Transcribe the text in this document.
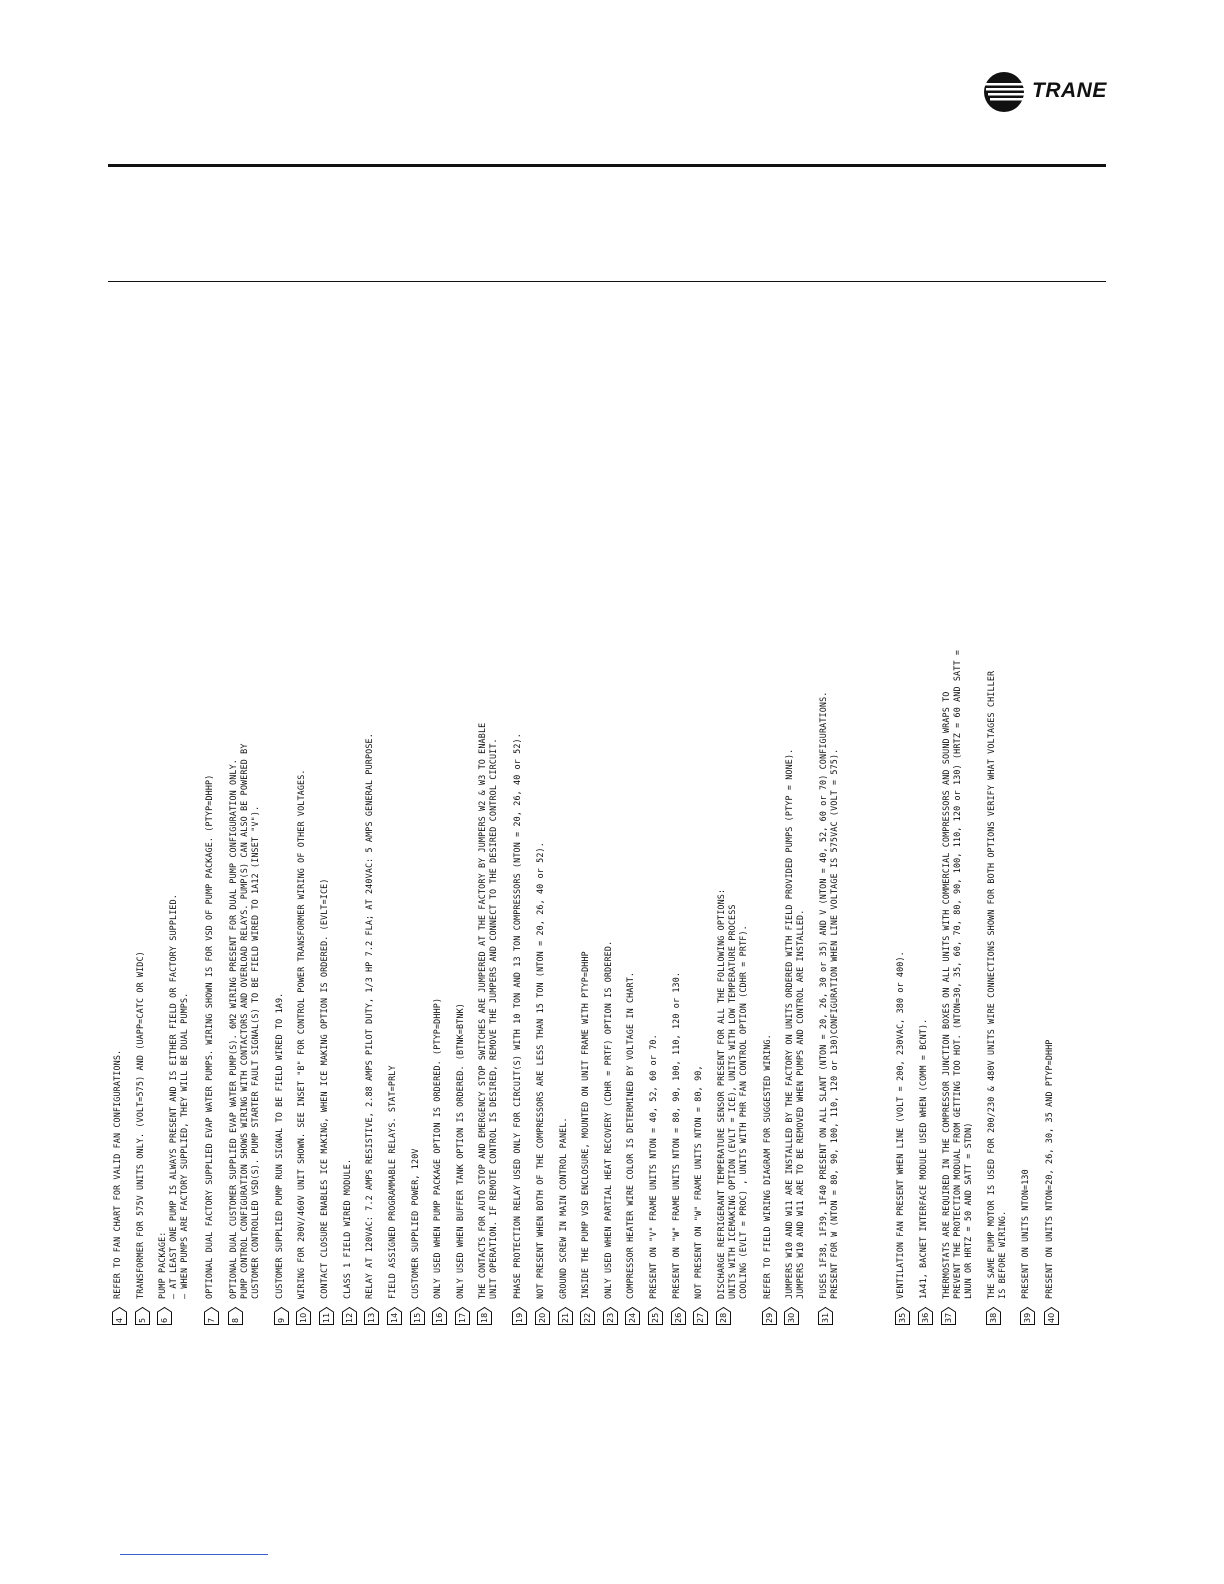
TRANE
4
REFER TO FAN CHART FOR VALID FAN CONFIGURATIONS.
5
TRANSFORMER FOR 575V UNITS ONLY. (VOLT=575) AND (UAPP=CATC OR WIDC)
6
PUMP PACKAGE: – AT LEAST ONE PUMP IS ALWAYS PRESENT AND IS EITHER FIELD OR FACTORY SUPPLIED. – WHEN PUMPS ARE FACTORY SUPPLIED, THEY WILL BE DUAL PUMPS.
7
OPTIONAL DUAL FACTORY SUPPLIED EVAP WATER PUMPS. WIRING SHOWN IS FOR VSD OF PUMP PACKAGE. (PTYP=DHHP)
8
OPTIONAL DUAL CUSTOMER SUPPLIED EVAP WATER PUMP(S). 6M2 WIRING PRESENT FOR DUAL PUMP CONFIGURATION ONLY. PUMP CONTROL CONFIGURATION SHOWS WIRING WITH CONTACTORS AND OVERLOAD RELAYS. PUMP(S) CAN ALSO BE POWERED BY CUSTOMER CONTROLLED VSD(S). PUMP STARTER FAULT SIGNAL(S) TO BE FIELD WIRED TO 1A12 (INSET "V").
9
CUSTOMER SUPPLIED PUMP RUN SIGNAL TO BE FIELD WIRED TO 1A9.
10
WIRING FOR 200V/460V UNIT SHOWN. SEE INSET "B" FOR CONTROL POWER TRANSFORMER WIRING OF OTHER VOLTAGES.
11
CONTACT CLOSURE ENABLES ICE MAKING, WHEN ICE MAKING OPTION IS ORDERED. (EVLT=ICE)
12
CLASS 1 FIELD WIRED MODULE.
13
RELAY AT 120VAC: 7.2 AMPS RESISTIVE, 2.88 AMPS PILOT DUTY, 1/3 HP 7.2 FLA; AT 240VAC: 5 AMPS GENERAL PURPOSE.
14
FIELD ASSIGNED PROGRAMMABLE RELAYS. STAT=PRLY
15
CUSTOMER SUPPLIED POWER, 120V
16
ONLY USED WHEN PUMP PACKAGE OPTION IS ORDERED. (PTYP=DHHP)
17
ONLY USED WHEN BUFFER TANK OPTION IS ORDERED. (BTNK=BTNK)
18
THE CONTACTS FOR AUTO STOP AND EMERGENCY STOP SWITCHES ARE JUMPERED AT THE FACTORY BY JUMPERS W2 & W3 TO ENABLE UNIT OPERATION. IF REMOTE CONTROL IS DESIRED, REMOVE THE JUMPERS AND CONNECT TO THE DESIRED CONTROL CIRCUIT.
19
PHASE PROTECTION RELAY USED ONLY FOR CIRCUIT(S) WITH 10 TON AND 13 TON COMPRESSORS (NTON = 20, 26, 40 or 52).
20
NOT PRESENT WHEN BOTH OF THE COMPRESSORS ARE LESS THAN 15 TON (NTON = 20, 26, 40 or 52).
21
GROUND SCREW IN MAIN CONTROL PANEL.
22
INSIDE THE PUMP VSD ENCLOSURE, MOUNTED ON UNIT FRAME WITH PTYP=DHHP
23
ONLY USED WHEN PARTIAL HEAT RECOVERY (CDHR = PRTF) OPTION IS ORDERED.
24
COMPRESSOR HEATER WIRE COLOR IS DETERMINED BY VOLTAGE IN CHART.
25
PRESENT ON "V" FRAME UNITS NTON = 40, 52, 60 or 70.
26
PRESENT ON "W" FRAME UNITS NTON = 80, 90, 100, 110, 120 or 130.
27
NOT PRESENT ON "W" FRAME UNITS NTON = 80, 90,
28
DISCHARGE REFRIGERANT TEMPERATURE SENSOR PRESENT FOR ALL THE FOLLOWING OPTIONS: UNITS WITH ICEMAKING OPTION (EVLT = ICE), UNITS WITH LOW TEMPERATURE PROCESS COOLING (EVLT = PROC) , UNITS WITH PHR FAN CONTROL OPTION (CDHR = PRTF).
29
REFER TO FIELD WIRING DIAGRAM FOR SUGGESTED WIRING.
30
JUMPERS W10 AND W11 ARE INSTALLED BY THE FACTORY ON UNITS ORDERED WITH FIELD PROVIDED PUMPS (PTYP = NONE). JUMPERS W10 AND W11 ARE TO BE REMOVED WHEN PUMPS AND CONTROL ARE INSTALLED.
31
FUSES 1F38, 1F39, 1F40 PRESENT ON ALL SLANT (NTON = 20, 26, 30 or 35) AND V (NTON = 40, 52, 60 or 70) CONFIGURATIONS. PRESENT FOR W (NTON = 80, 90, 100, 110, 120 or 130)CONFIGURATION WHEN LINE VOLTAGE IS 575VAC (VOLT = 575).
35
VENTILATION FAN PRESENT WHEN LINE (VOLT = 200, 230VAC, 380 or 400).
36
1A41, BACNET INTERFACE MODULE USED WHEN (COMM = BCNT).
37
THERMOSTATS ARE REQUIRED IN THE COMPRESSOR JUNCTION BOXES ON ALL UNITS WITH COMMERCIAL COMPRESSORS AND SOUND WRAPS TO PREVENT THE PROTECTION MODUAL FROM GETTING TOO HOT. (NTON=30, 35, 60, 70, 80, 90, 100, 110, 120 or 130) (HRTZ = 60 AND SATT = LNUN OR HRTZ = 50 AND SATT = STDN)
38
THE SAME PUMP MOTOR IS USED FOR 200/230 & 480V UNITS WIRE CONNECTIONS SHOWN FOR BOTH OPTIONS VERIFY WHAT VOLTAGES CHILLER IS BEFORE WIRING.
39
PRESENT ON UNITS NTON=130
40
PRESENT ON UNITS NTON=20, 26, 30, 35 AND PTYP=DHHP
